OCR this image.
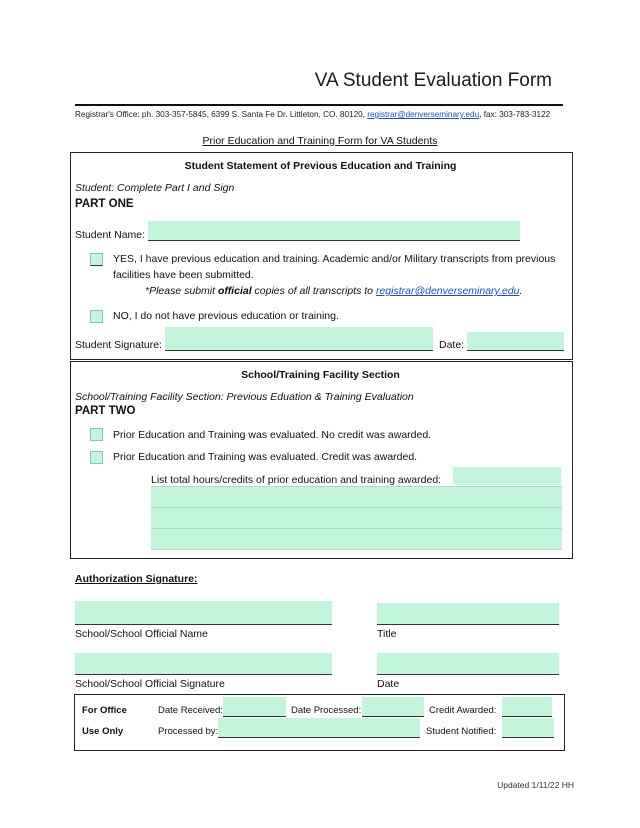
VA Student Evaluation Form
Registrar's Office: ph. 303-357-5845, 6399 S. Santa Fe Dr. Littleton, CO. 80120, registrar@denverseminary.edu, fax: 303-783-3122
Prior Education and Training Form for VA Students
Student Statement of Previous Education and Training
Student: Complete Part I and Sign
PART ONE
Student Name:
YES, I have previous education and training. Academic and/or Military transcripts from previous
facilities have been submitted.
*Please submit official copies of all transcripts to registrar@denverseminary.edu.
NO, I do not have previous education or training.
Student Signature:	Date:
School/Training Facility Section
School/Training Facility Section: Previous Eduation & Training Evaluation
PART TWO
Prior Education and Training was evaluated. No credit was awarded.
Prior Education and Training was evaluated. Credit was awarded.
List total hours/credits of prior education and training awarded:
Authorization Signature:
School/School Official Name	Title
School/School Official Signature	Date
For Office
Use Only
Date Received:	Date Processed:	Credit Awarded:
Processed by:	Student Notified:
Updated 1/11/22 HH
